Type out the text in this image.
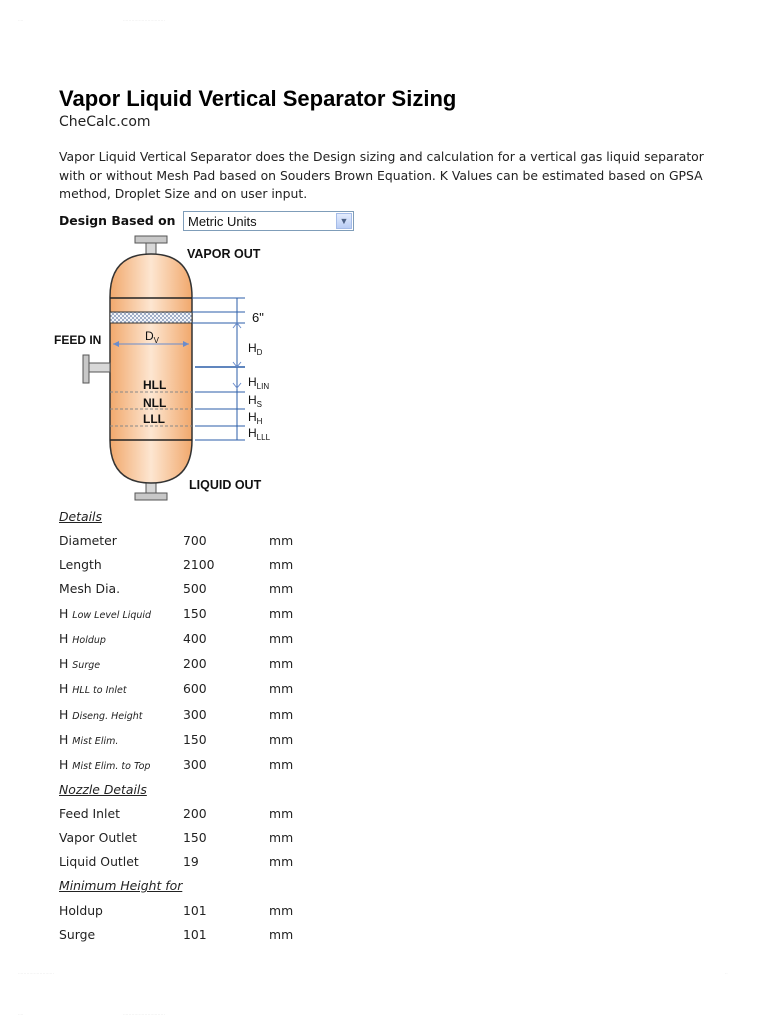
····	·····························
Vapor Liquid Vertical Separator Sizing
CheCalc.com
Vapor Liquid Vertical Separator does the Design sizing and calculation for a vertical gas liquid separator with or without Mesh Pad based on Souders Brown Equation. K Values can be estimated based on GPSA method, Droplet Size and on user input.
Design Based on Metric Units	▼
$D_V$
HLL
NLL
LLL
VAPOR OUT
LIQUID OUT
FEED IN
6"
$H_D$
$H_{LIN}$
$H_S$
$H_H$
$H_{LLL}$
Details
Diameter	700	mm
Length	2100	mm
Mesh Dia.	500	mm
H Low Level Liquid	150	mm
H Holdup	400	mm
H Surge	200	mm
H HLL to Inlet	600	mm
H Diseng. Height	300	mm
H Mist Elim.	150	mm
H Mist Elim. to Top	300	mm
Nozzle Details
Feed Inlet	200	mm
Vapor Outlet	150	mm
Liquid Outlet	19	mm
Minimum Height for
Holdup	101	mm
Surge	101	mm
·························	··
····	·····························
